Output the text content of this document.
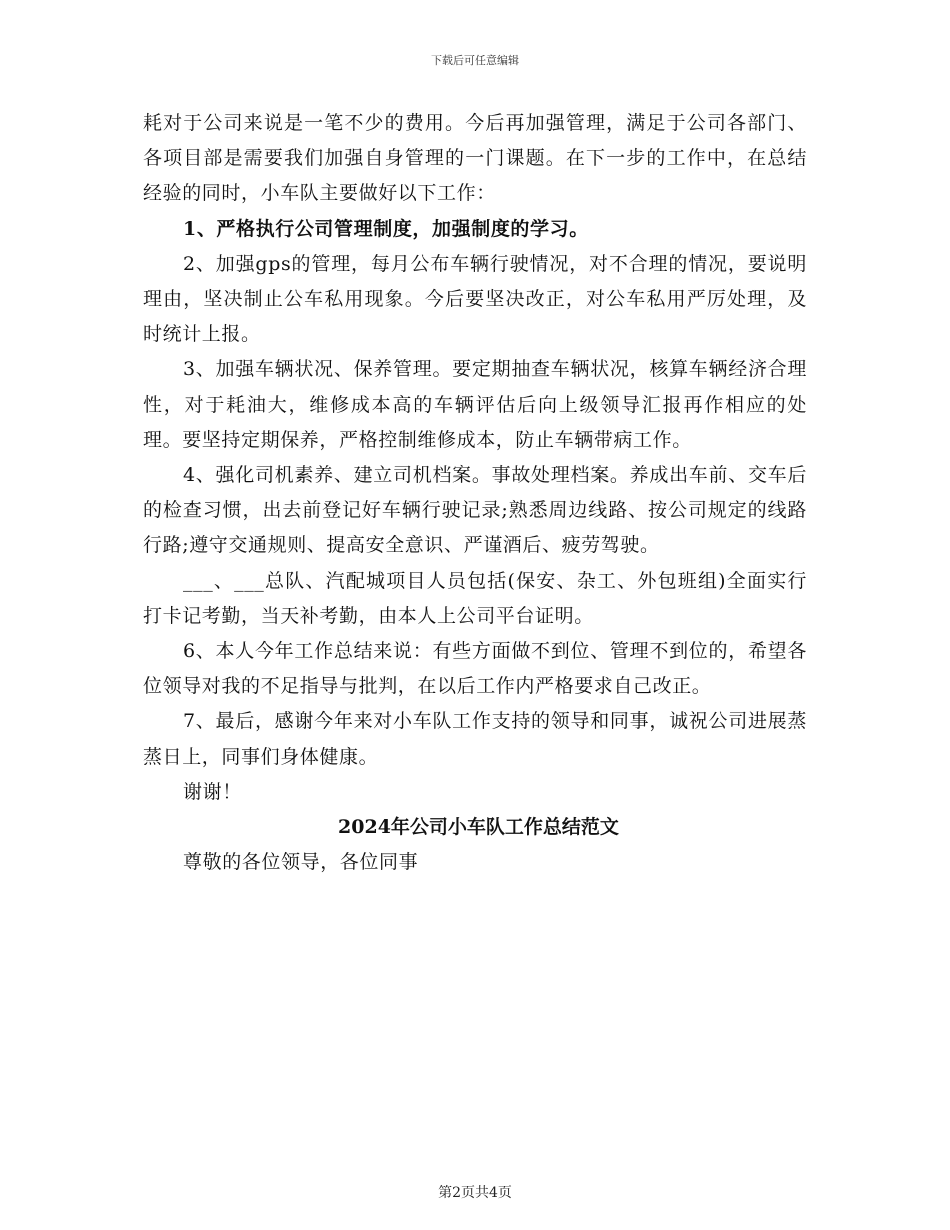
下载后可任意编辑

耗对于公司来说是一笔不少的费用。今后再加强管理，满足于公司各部门、各项目部是需要我们加强自身管理的一门课题。在下一步的工作中，在总结经验的同时，小车队主要做好以下工作：

1、严格执行公司管理制度，加强制度的学习。

2、加强gps的管理，每月公布车辆行驶情况，对不合理的情况，要说明理由，坚决制止公车私用现象。今后要坚决改正，对公车私用严厉处理，及时统计上报。

3、加强车辆状况、保养管理。要定期抽查车辆状况，核算车辆经济合理性，对于耗油大，维修成本高的车辆评估后向上级领导汇报再作相应的处理。要坚持定期保养，严格控制维修成本，防止车辆带病工作。

4、强化司机素养、建立司机档案。事故处理档案。养成出车前、交车后的检查习惯，出去前登记好车辆行驶记录;熟悉周边线路、按公司规定的线路行路;遵守交通规则、提高安全意识、严谨酒后、疲劳驾驶。

___、___总队、汽配城项目人员包括(保安、杂工、外包班组)全面实行打卡记考勤，当天补考勤，由本人上公司平台证明。

6、本人今年工作总结来说：有些方面做不到位、管理不到位的，希望各位领导对我的不足指导与批判，在以后工作内严格要求自己改正。

7、最后，感谢今年来对小车队工作支持的领导和同事，诚祝公司进展蒸蒸日上，同事们身体健康。

谢谢！

2024年公司小车队工作总结范文

尊敬的各位领导，各位同事

第2页共4页
